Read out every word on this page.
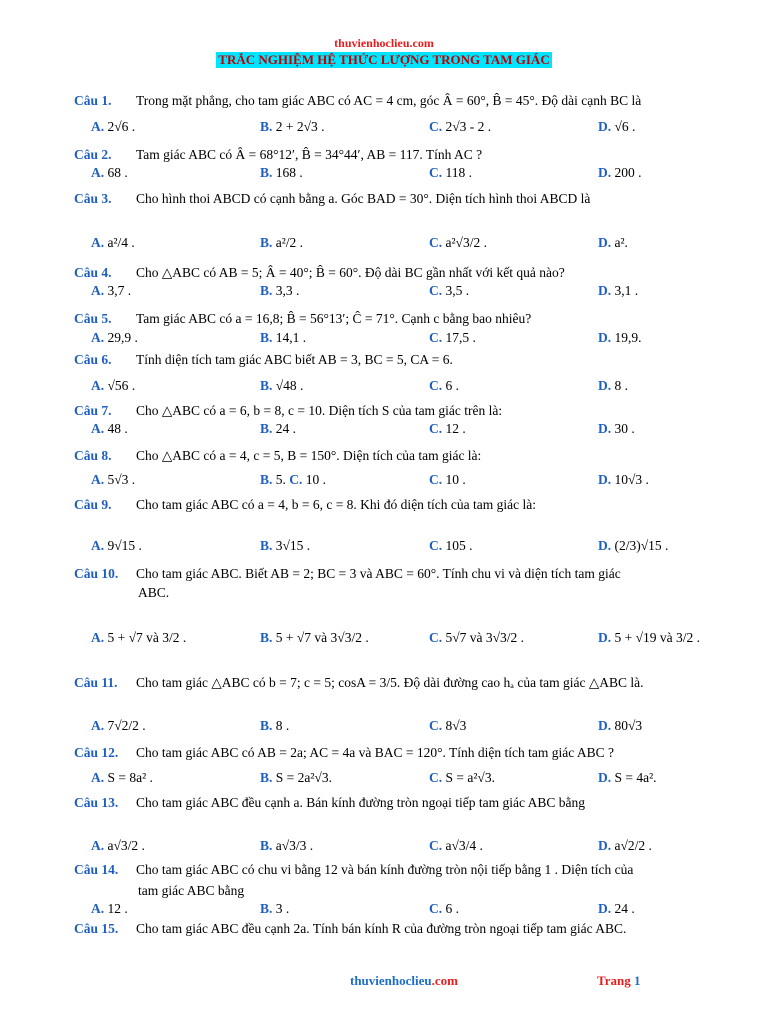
thuvienhoclieu.com
TRẮC NGHIỆM HỆ THỨC LƯỢNG TRONG TAM GIÁC
Câu 1. Trong mặt phẳng, cho tam giác ABC có AC = 4 cm, góc Â = 60°, B̂ = 45°. Độ dài cạnh BC là
A. 2√6 .	B. 2 + 2√3 .	C. 2√3 - 2 .	D. √6 .
Câu 2. Tam giác ABC có Â = 68°12′, B̂ = 34°44′, AB = 117. Tính AC ?
A. 68 .	B. 168 .	C. 118 .	D. 200 .
Câu 3. Cho hình thoi ABCD có cạnh bằng a. Góc BAD = 30°. Diện tích hình thoi ABCD là
A. a²/4 .	B. a²/2 .	C. a²√3/2 .	D. a².
Câu 4. Cho △ABC có AB = 5; Â = 40°; B̂ = 60°. Độ dài BC gần nhất với kết quả nào?
A. 3,7 .	B. 3,3 .	C. 3,5 .	D. 3,1 .
Câu 5. Tam giác ABC có a = 16,8; B̂ = 56°13′; Ĉ = 71°. Cạnh c bằng bao nhiêu?
A. 29,9 .	B. 14,1 .	C. 17,5 .	D. 19,9.
Câu 6. Tính diện tích tam giác ABC biết AB = 3, BC = 5, CA = 6.
A. √56 .	B. √48 .	C. 6 .	D. 8 .
Câu 7. Cho △ABC có a = 6, b = 8, c = 10. Diện tích S của tam giác trên là:
A. 48 .	B. 24 .	C. 12 .	D. 30 .
Câu 8. Cho △ABC có a = 4, c = 5, B = 150°. Diện tích của tam giác là:
A. 5√3 .	B. 5. C. 10 .	C. 10 .	D. 10√3 .
Câu 9. Cho tam giác ABC có a = 4, b = 6, c = 8. Khi đó diện tích của tam giác là:
A. 9√15 .	B. 3√15 .	C. 105 .	D. (2/3)√15 .
Câu 10. Cho tam giác ABC. Biết AB = 2; BC = 3 và ABC = 60°. Tính chu vi và diện tích tam giác
ABC.
A. 5 + √7 và 3/2 .	B. 5 + √7 và 3√3/2 .	C. 5√7 và 3√3/2 .	D. 5 + √19 và 3/2 .
Câu 11. Cho tam giác △ABC có b = 7; c = 5; cosA = 3/5. Độ dài đường cao hₐ của tam giác △ABC là.
A. 7√2/2 .	B. 8 .	C. 8√3	D. 80√3
Câu 12. Cho tam giác ABC có AB = 2a; AC = 4a và BAC = 120°. Tính diện tích tam giác ABC ?
A. S = 8a² .	B. S = 2a²√3.	C. S = a²√3.	D. S = 4a².
Câu 13. Cho tam giác ABC đều cạnh a. Bán kính đường tròn ngoại tiếp tam giác ABC bằng
A. a√3/2 .	B. a√3/3 .	C. a√3/4 .	D. a√2/2 .
Câu 14. Cho tam giác ABC có chu vi bằng 12 và bán kính đường tròn nội tiếp bằng 1 . Diện tích của
tam giác ABC bằng
A. 12 .	B. 3 .	C. 6 .	D. 24 .
Câu 15. Cho tam giác ABC đều cạnh 2a. Tính bán kính R của đường tròn ngoại tiếp tam giác ABC.
thuvienhoclieu.com	Trang 1
